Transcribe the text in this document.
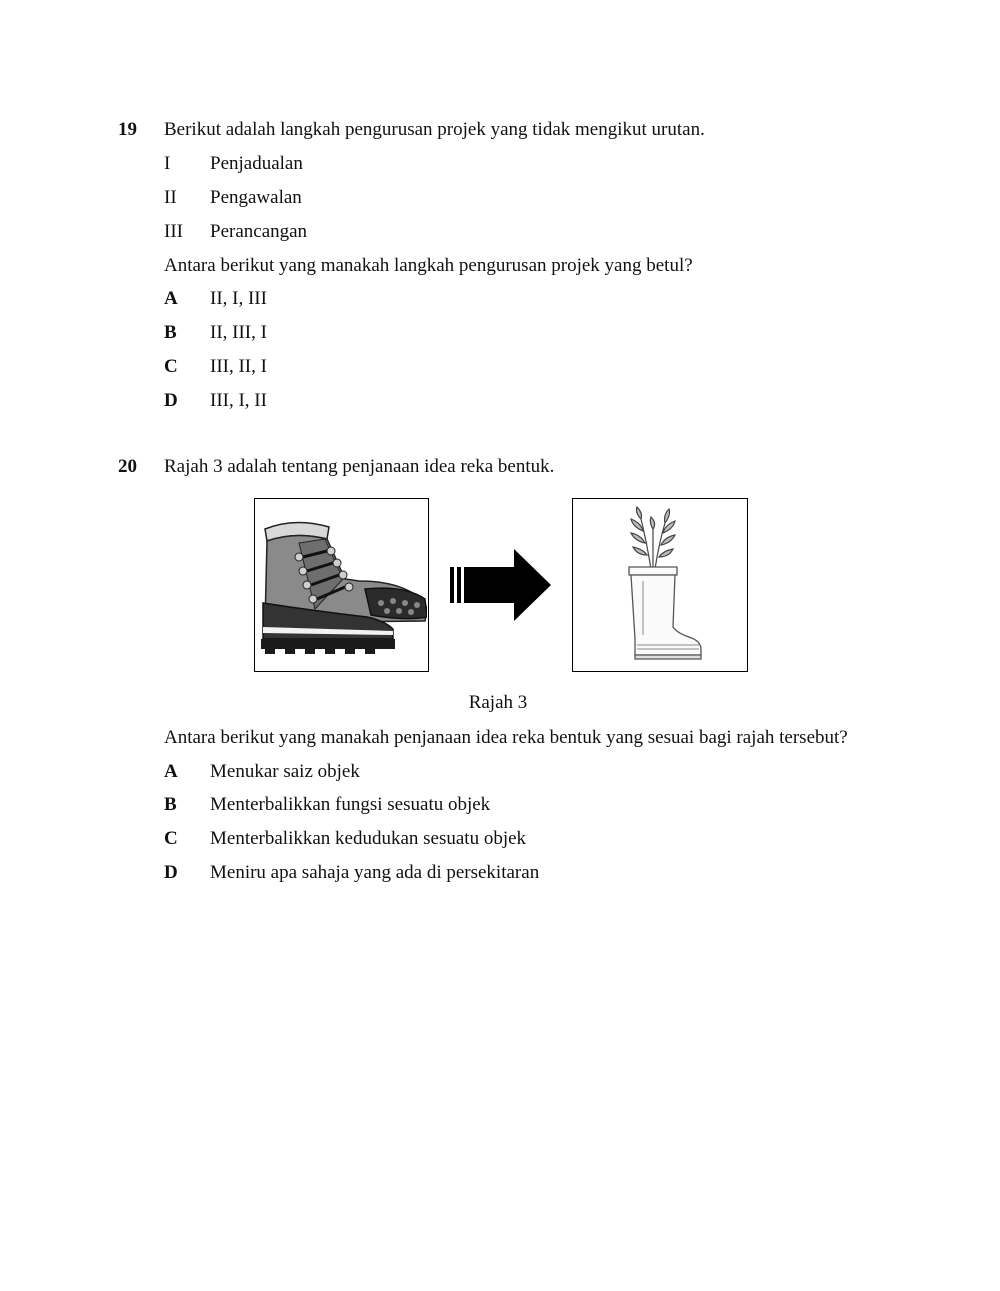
19 Berikut adalah langkah pengurusan projek yang tidak mengikut urutan.
I Penjadualan
II Pengawalan
III Perancangan
Antara berikut yang manakah langkah pengurusan projek yang betul?
A II, I, III
B II, III, I
C III, II, I
D III, I, II
20 Rajah 3 adalah tentang penjanaan idea reka bentuk.
Rajah 3
Antara berikut yang manakah penjanaan idea reka bentuk yang sesuai bagi rajah tersebut?
A Menukar saiz objek
B Menterbalikkan fungsi sesuatu objek
C Menterbalikkan kedudukan sesuatu objek
D Meniru apa sahaja yang ada di persekitaran
